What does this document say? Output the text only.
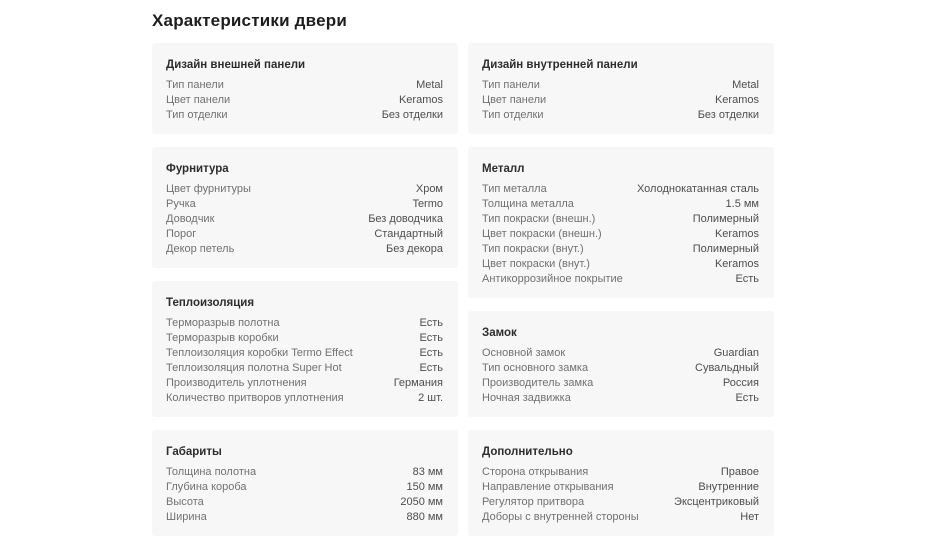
Характеристики двери
Дизайн внешней панели
Тип панели	Metal
Цвет панели	Keramos
Тип отделки	Без отделки
Фурнитура
Цвет фурнитуры	Хром
Ручка	Termo
Доводчик	Без доводчика
Порог	Стандартный
Декор петель	Без декора
Теплоизоляция
Терморазрыв полотна	Есть
Терморазрыв коробки	Есть
Теплоизоляция коробки Termo Effect	Есть
Теплоизоляция полотна Super Hot	Есть
Производитель уплотнения	Германия
Количество притворов уплотнения	2 шт.
Габариты
Толщина полотна	83 мм
Глубина короба	150 мм
Высота	2050 мм
Ширина	880 мм
Дизайн внутренней панели
Тип панели	Metal
Цвет панели	Keramos
Тип отделки	Без отделки
Металл
Тип металла	Холоднокатанная сталь
Толщина металла	1.5 мм
Тип покраски (внешн.)	Полимерный
Цвет покраски (внешн.)	Keramos
Тип покраски (внут.)	Полимерный
Цвет покраски (внут.)	Keramos
Антикоррозийное покрытие	Есть
Замок
Основной замок	Guardian
Тип основного замка	Сувальдный
Производитель замка	Россия
Ночная задвижка	Есть
Дополнительно
Сторона открывания	Правое
Направление открывания	Внутренние
Регулятор притвора	Эксцентриковый
Доборы с внутренней стороны	Нет
